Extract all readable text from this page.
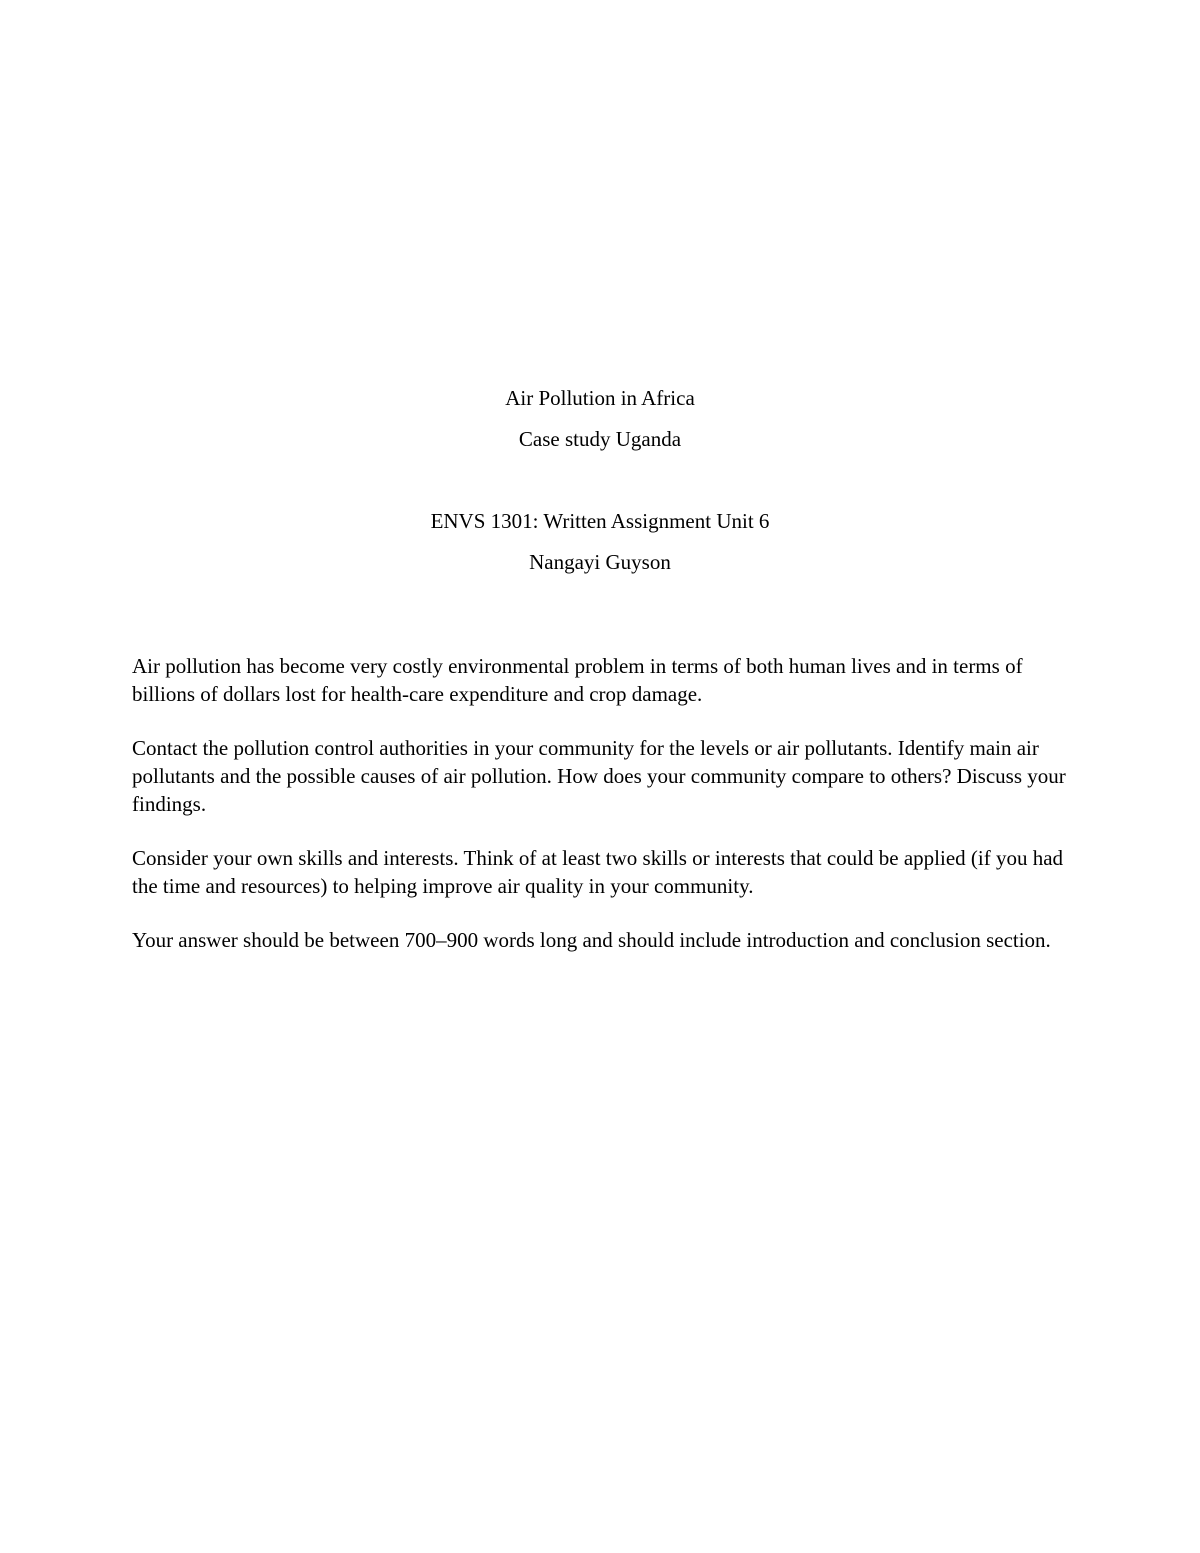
Air Pollution in Africa
Case study Uganda
ENVS 1301: Written Assignment Unit 6
Nangayi Guyson

Air pollution has become very costly environmental problem in terms of both human lives and in terms of billions of dollars lost for health-care expenditure and crop damage.

Contact the pollution control authorities in your community for the levels or air pollutants. Identify main air pollutants and the possible causes of air pollution. How does your community compare to others? Discuss your findings.

Consider your own skills and interests. Think of at least two skills or interests that could be applied (if you had the time and resources) to helping improve air quality in your community.

Your answer should be between 700–900 words long and should include introduction and conclusion section.
